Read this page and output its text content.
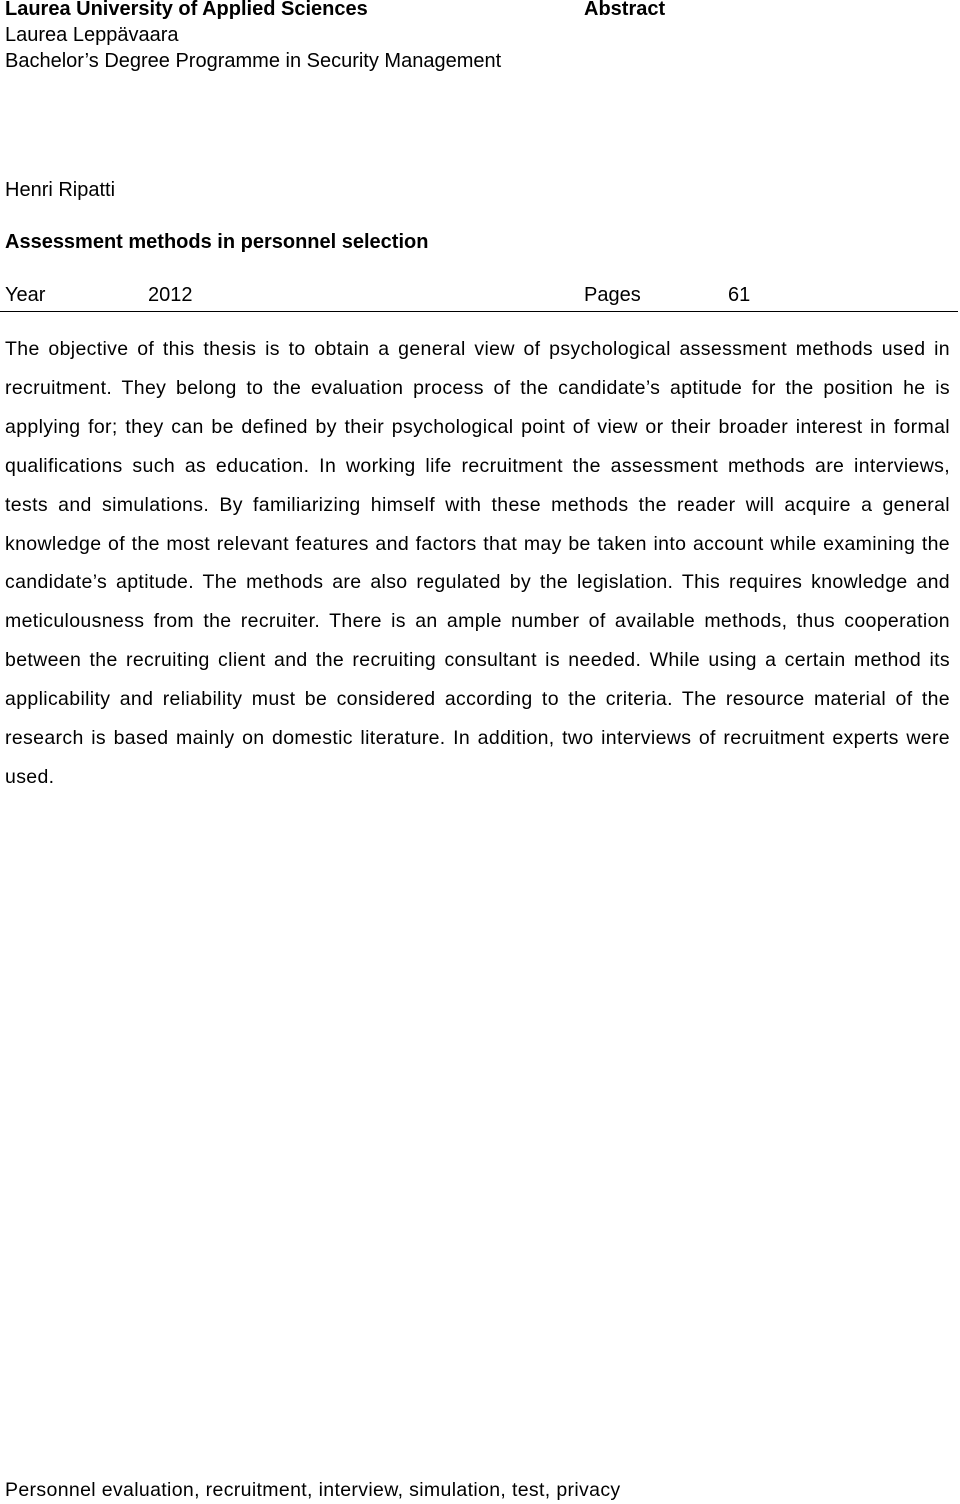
Laurea University of Applied Sciences
Laurea Leppävaara
Bachelor’s Degree Programme in Security Management
Abstract
Henri Ripatti
Assessment methods in personnel selection
Year	2012	Pages	61

The objective of this thesis is to obtain a general view of psychological assessment methods used in recruitment. They belong to the evaluation process of the candidate’s aptitude for the position he is applying for; they can be defined by their psychological point of view or their broader interest in formal qualifications such as education. In working life recruitment the assessment methods are interviews, tests and simulations. By familiarizing himself with these methods the reader will acquire a general knowledge of the most relevant features and factors that may be taken into account while examining the candidate’s aptitude. The methods are also regulated by the legislation. This requires knowledge and meticulousness from the recruiter. There is an ample number of available methods, thus cooperation between the recruiting client and the recruiting consultant is needed. While using a certain method its applicability and reliability must be considered according to the criteria. The resource material of the research is based mainly on domestic literature. In addition, two interviews of recruitment experts were used.

Personnel evaluation, recruitment, interview, simulation, test, privacy
